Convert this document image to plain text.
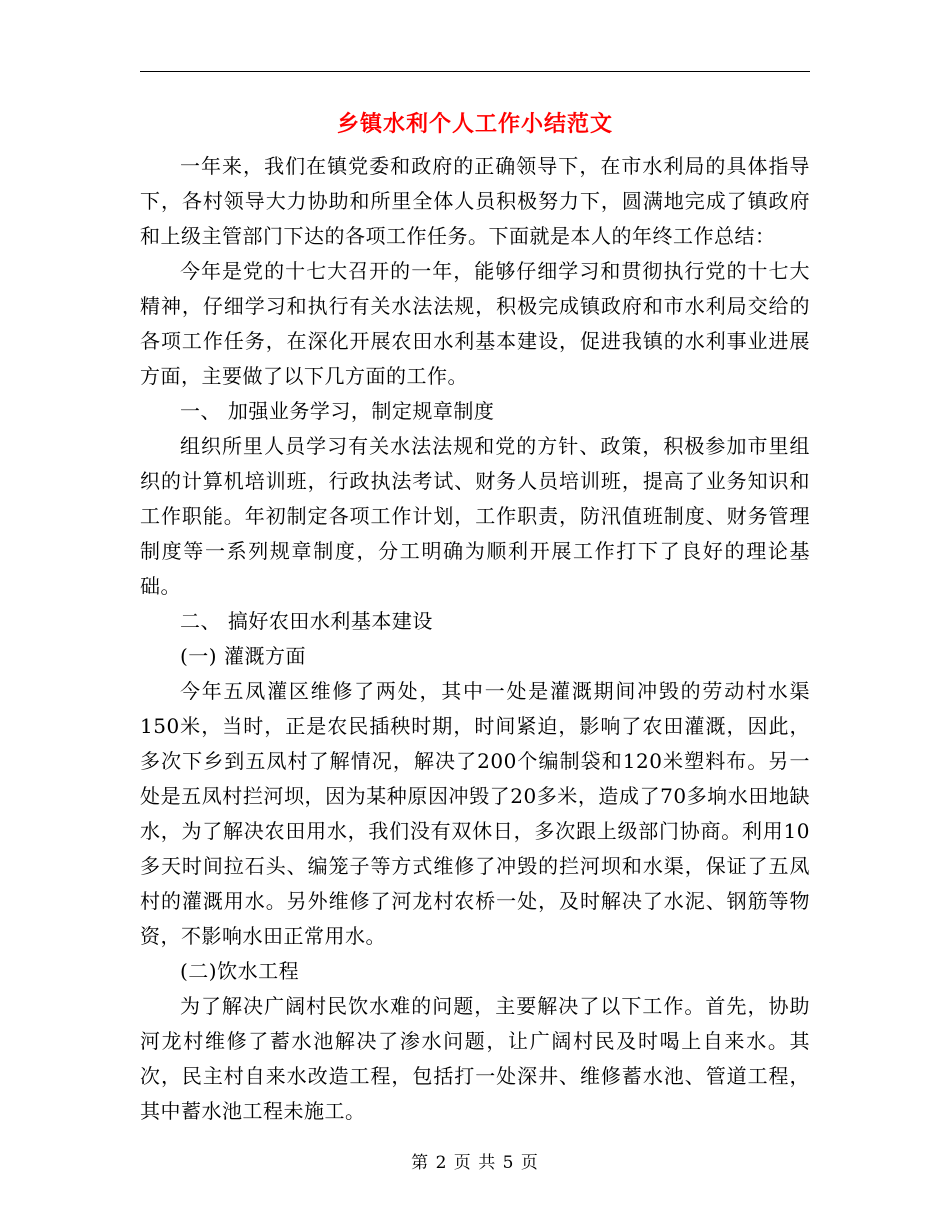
乡镇水利个人工作小结范文

一年来，我们在镇党委和政府的正确领导下，在市水利局的具体指导下，各村领导大力协助和所里全体人员积极努力下，圆满地完成了镇政府和上级主管部门下达的各项工作任务。下面就是本人的年终工作总结：

今年是党的十七大召开的一年，能够仔细学习和贯彻执行党的十七大精神，仔细学习和执行有关水法法规，积极完成镇政府和市水利局交给的各项工作任务，在深化开展农田水利基本建设，促进我镇的水利事业进展方面，主要做了以下几方面的工作。

一、 加强业务学习，制定规章制度

组织所里人员学习有关水法法规和党的方针、政策，积极参加市里组织的计算机培训班，行政执法考试、财务人员培训班，提高了业务知识和工作职能。年初制定各项工作计划，工作职责，防汛值班制度、财务管理制度等一系列规章制度，分工明确为顺利开展工作打下了良好的理论基础。

二、 搞好农田水利基本建设

(一) 灌溉方面

今年五凤灌区维修了两处，其中一处是灌溉期间冲毁的劳动村水渠150米，当时，正是农民插秧时期，时间紧迫，影响了农田灌溉，因此，多次下乡到五凤村了解情况，解决了200个编制袋和120米塑料布。另一处是五凤村拦河坝，因为某种原因冲毁了20多米，造成了70多垧水田地缺水，为了解决农田用水，我们没有双休日，多次跟上级部门协商。利用10多天时间拉石头、编笼子等方式维修了冲毁的拦河坝和水渠，保证了五凤村的灌溉用水。另外维修了河龙村农桥一处，及时解决了水泥、钢筋等物资，不影响水田正常用水。

(二)饮水工程

为了解决广阔村民饮水难的问题，主要解决了以下工作。首先，协助河龙村维修了蓄水池解决了渗水问题，让广阔村民及时喝上自来水。其次，民主村自来水改造工程，包括打一处深井、维修蓄水池、管道工程，其中蓄水池工程未施工。

第 2 页 共 5 页
